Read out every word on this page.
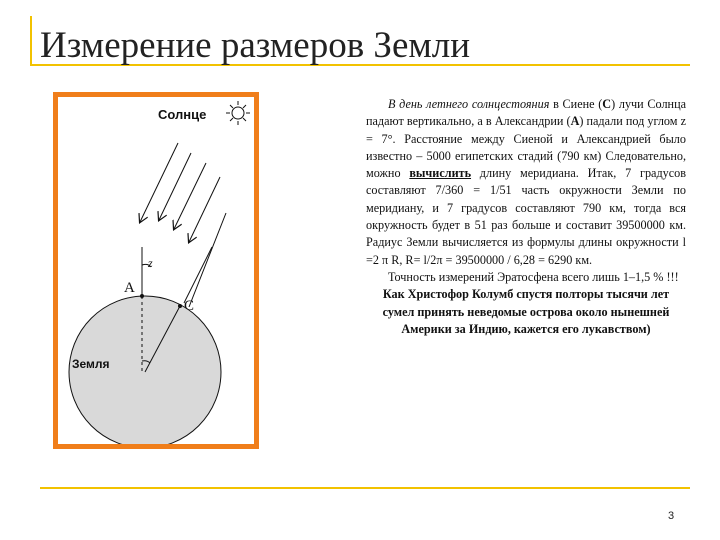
Измерение размеров Земли
Солнце
z
A
C
Земля

В день летнего солнцестояния в Сиене (С) лучи Солнца падают вертикально, а в Александрии (А) падали под углом z = 7°. Расстояние между Сиеной и Александрией было известно – 5000 египетских стадий (790 км) Следовательно, можно вычислить длину меридиана. Итак, 7 градусов составляют 7/360 = 1/51 часть окружности Земли по меридиану, и 7 градусов составляют 790 км, тогда вся окружность будет в 51 раз больше и составит 39500000 км. Радиус Земли вычисляется из формулы длины окружности l =2 π R, R= l/2π = 39500000 / 6,28 = 6290 км.

Точность измерений Эратосфена всего лишь 1–1,5 % !!!

Как Христофор Колумб спустя полторы тысячи лет сумел принять неведомые острова около нынешней Америки за Индию, кажется его лукавством)

3
